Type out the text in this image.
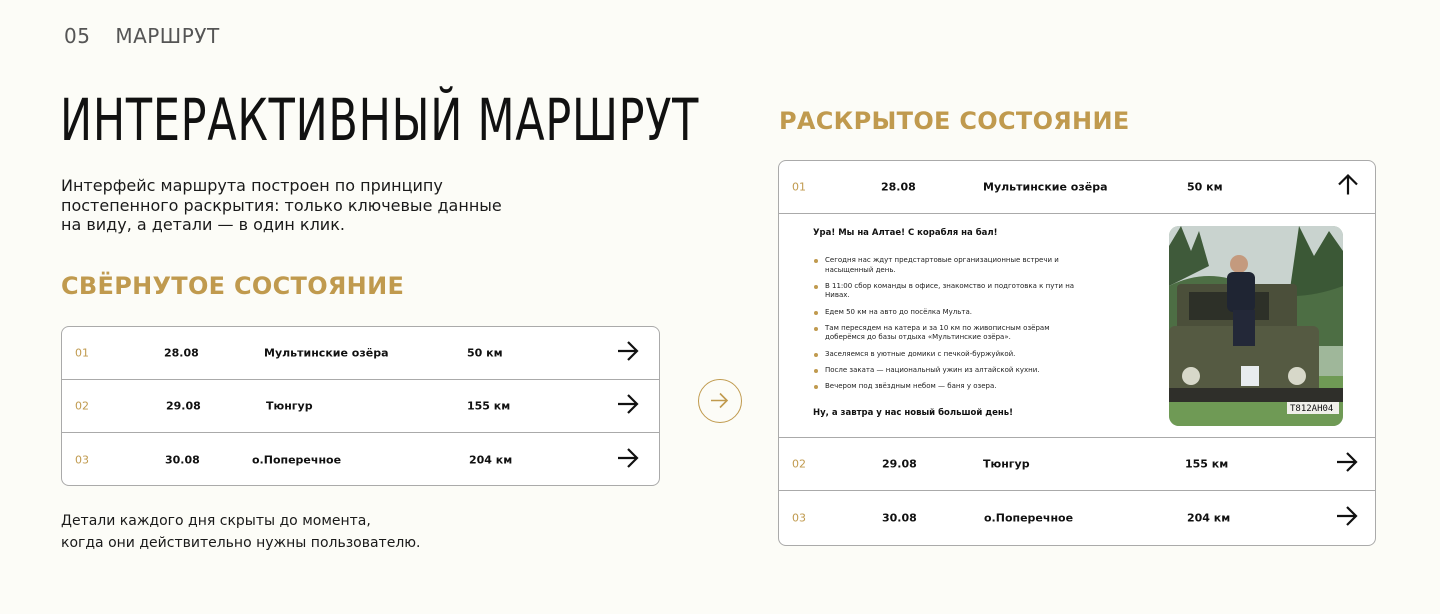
05 МАРШРУТ
ИНТЕРАКТИВНЫЙ МАРШРУТ

Интерфейс маршрута построен по принципу
постепенного раскрытия: только ключевые данные
на виду, а детали — в один клик.

СВЁРНУТОЕ СОСТОЯНИЕ
01	28.08	Мультинские озёра	50 км
02	29.08	Тюнгур	155 км
03	30.08	о.Поперечное	204 км

Детали каждого дня скрыты до момента,
когда они действительно нужны пользователю.

РАСКРЫТОЕ СОСТОЯНИЕ
01	28.08	Мультинские озёра	50 км
Ура! Мы на Алтае! С корабля на бал!
Сегодня нас ждут предстартовые организационные встречи и насыщенный день.
В 11:00 сбор команды в офисе, знакомство и подготовка к пути на Нивах.
Едем 50 км на авто до посёлка Мульта.
Там пересядем на катера и за 10 км по живописным озёрам доберёмся до базы отдыха «Мультинские озёра».
Заселяемся в уютные домики с печкой-буржуйкой.
После заката — национальный ужин из алтайской кухни.
Вечером под звёздным небом — баня у озера.
Ну, а завтра у нас новый большой день!	Т812АН04
02	29.08	Тюнгур	155 км
03	30.08	о.Поперечное	204 км
